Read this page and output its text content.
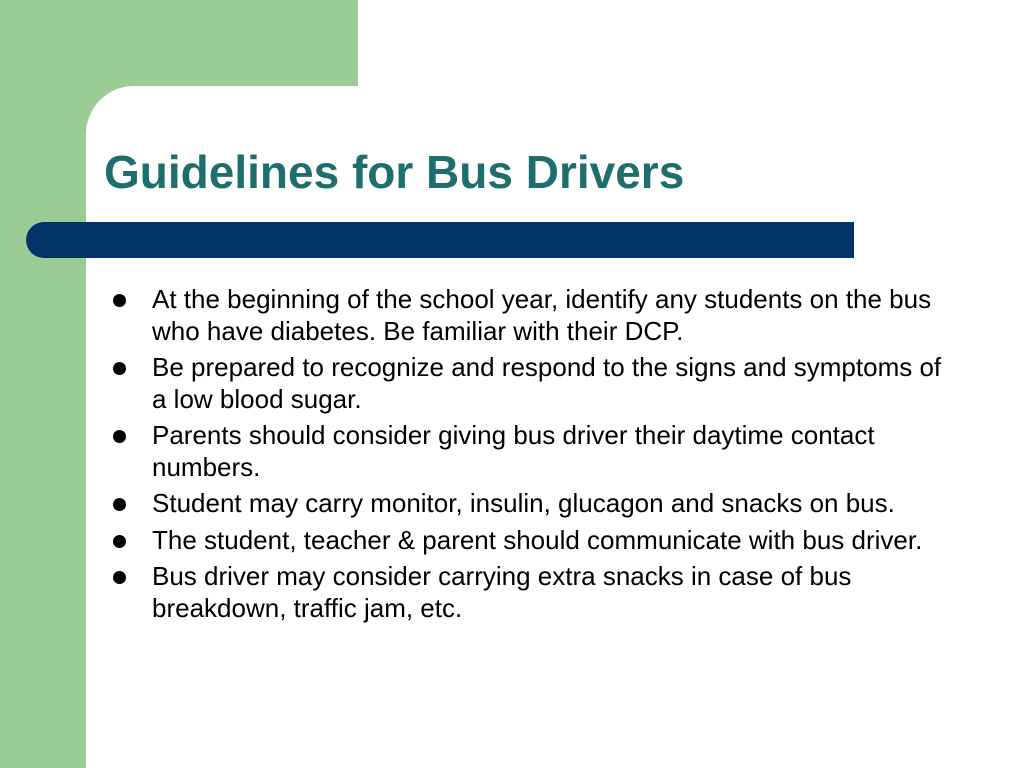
Guidelines for Bus Drivers
At the beginning of the school year, identify any students on the bus who have diabetes. Be familiar with their DCP.
Be prepared to recognize and respond to the signs and symptoms of a low blood sugar.
Parents should consider giving bus driver their daytime contact numbers.
Student may carry monitor, insulin, glucagon and snacks on bus.
The student, teacher & parent should communicate with bus driver.
Bus driver may consider carrying extra snacks in case of bus breakdown, traffic jam, etc.
